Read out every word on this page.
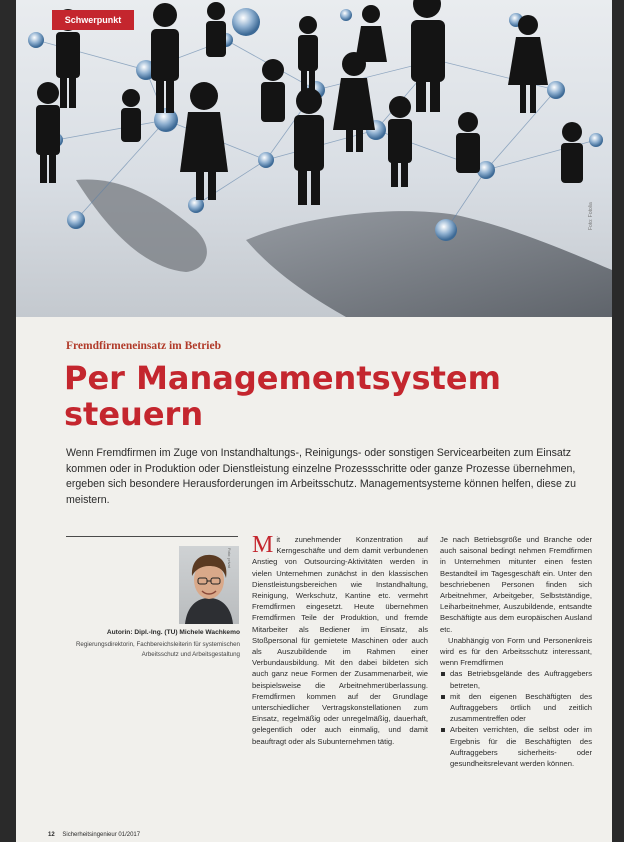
Schwerpunkt
Foto: Fotolia
Fremdfirmeneinsatz im Betrieb
Per Managementsystem
steuern
Wenn Fremdfirmen im Zuge von Instandhaltungs-, Reinigungs- oder sonstigen Servicearbeiten zum Einsatz kommen oder in Produktion oder Dienstleistung einzelne Prozessschritte oder ganze Prozesse übernehmen, ergeben sich besondere Herausforderungen im Arbeitsschutz. Managementsysteme können helfen, diese zu meistern.
Foto: privat
Autorin: Dipl.-Ing. (TU) Michele Wachkemo
Regierungsdirektorin, Fachbereichsleiterin für systemischen Arbeitsschutz und Arbeitsgestaltung
M it zunehmender Konzentration auf Kerngeschäfte und dem damit verbundenen Anstieg von Outsourcing-Aktivitäten werden in vielen Unternehmen zunächst in den klassischen Dienstleistungsbereichen wie Instandhaltung, Reinigung, Werkschutz, Kantine etc. vermehrt Fremdfirmen eingesetzt. Heute übernehmen Fremdfirmen Teile der Produktion, und fremde Mitarbeiter als Bediener im Einsatz, als Stoßpersonal für gemietete Maschinen oder auch als Auszubildende im Rahmen einer Verbundausbildung. Mit den dabei bildeten sich auch ganz neue Formen der Zusammenarbeit, wie beispielsweise die Arbeitnehmerüberlassung. Fremdfirmen kommen auf der Grundlage unterschiedlicher Vertragskonstellationen zum Einsatz, regelmäßig oder unregelmäßig, dauerhaft, gelegentlich oder auch einmalig, und damit beauftragt oder als Subunternehmen tätig.

Je nach Betriebsgröße und Branche oder auch saisonal bedingt nehmen Fremdfirmen in Unternehmen mitunter einen festen Bestandteil im Tagesgeschäft ein. Unter den beschriebenen Personen finden sich Arbeitnehmer, Arbeitgeber, Selbstständige, Leiharbeitnehmer, Auszubildende, entsandte Beschäftigte aus dem europäischen Ausland etc.

Unabhängig von Form und Personenkreis wird es für den Arbeitsschutz interessant, wenn Fremdfirmen

das Betriebsgelände des Auftraggebers betreten,
mit den eigenen Beschäftigten des Auftraggebers örtlich und zeitlich zusammentreffen oder
Arbeiten verrichten, die selbst oder im Ergebnis für die Beschäftigten des Auftraggebers sicherheits- oder gesundheitsrelevant werden können.
12 Sicherheitsingenieur 01/2017
